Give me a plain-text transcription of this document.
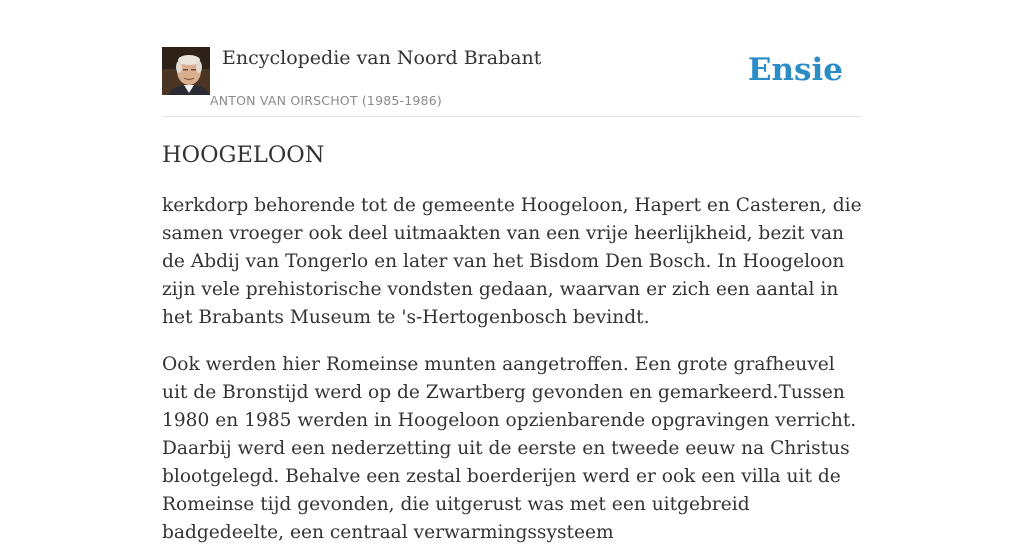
Encyclopedie van Noord Brabant
ANTON VAN OIRSCHOT (1985-1986)
Ensie
HOOGELOON

kerkdorp behorende tot de gemeente Hoogeloon, Hapert en Casteren, die samen vroeger ook deel uitmaakten van een vrije heerlijkheid, bezit van de Abdij van Tongerlo en later van het Bisdom Den Bosch. In Hoogeloon zijn vele prehistorische vondsten gedaan, waarvan er zich een aantal in het Brabants Museum te 's-Hertogenbosch bevindt.

Ook werden hier Romeinse munten aangetroffen. Een grote grafheuvel uit de Bronstijd werd op de Zwartberg gevonden en gemarkeerd.Tussen 1980 en 1985 werden in Hoogeloon opzienbarende opgravingen verricht. Daarbij werd een nederzetting uit de eerste en tweede eeuw na Christus blootgelegd. Behalve een zestal boerderijen werd er ook een villa uit de Romeinse tijd gevonden, die uitgerust was met een uitgebreid badgedeelte, een centraal verwarmingssysteem
